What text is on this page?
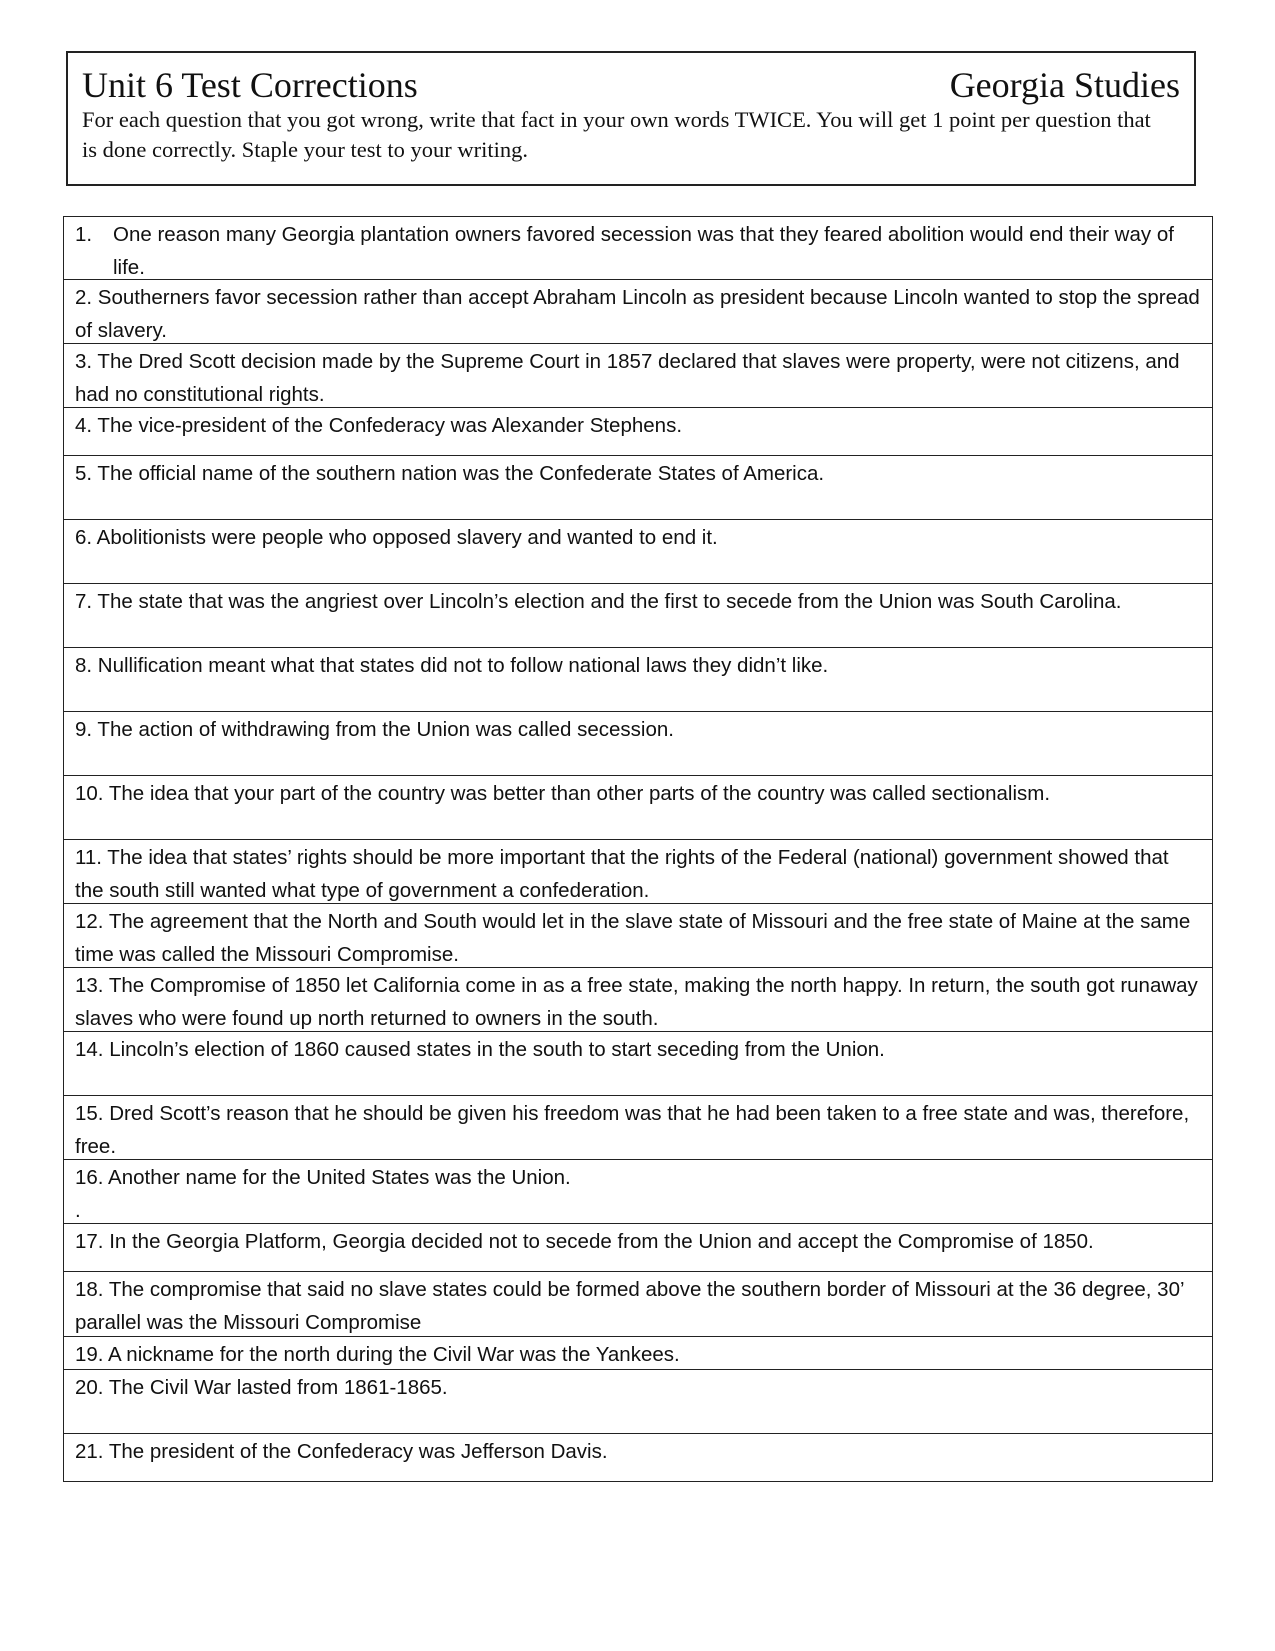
Unit 6 Test Corrections	Georgia Studies
For each question that you got wrong, write that fact in your own words TWICE. You will get 1 point per question that is done correctly. Staple your test to your writing.
1.	One reason many Georgia plantation owners favored secession was that they feared abolition would end their way of life.
2. Southerners favor secession rather than accept Abraham Lincoln as president because Lincoln wanted to stop the spread of slavery.
3. The Dred Scott decision made by the Supreme Court in 1857 declared that slaves were property, were not citizens, and had no constitutional rights.
4. The vice-president of the Confederacy was Alexander Stephens.
5. The official name of the southern nation was the Confederate States of America.
6. Abolitionists were people who opposed slavery and wanted to end it.
7. The state that was the angriest over Lincoln’s election and the first to secede from the Union was South Carolina.
8. Nullification meant what that states did not to follow national laws they didn’t like.
9. The action of withdrawing from the Union was called secession.
10. The idea that your part of the country was better than other parts of the country was called sectionalism.
11. The idea that states’ rights should be more important that the rights of the Federal (national) government showed that the south still wanted what type of government a confederation.
12. The agreement that the North and South would let in the slave state of Missouri and the free state of Maine at the same time was called the Missouri Compromise.
13. The Compromise of 1850 let California come in as a free state, making the north happy. In return, the south got runaway slaves who were found up north returned to owners in the south.
14. Lincoln’s election of 1860 caused states in the south to start seceding from the Union.
15. Dred Scott’s reason that he should be given his freedom was that he had been taken to a free state and was, therefore, free.
16. Another name for the United States was the Union.
.
17. In the Georgia Platform, Georgia decided not to secede from the Union and accept the Compromise of 1850.
18. The compromise that said no slave states could be formed above the southern border of Missouri at the 36 degree, 30’ parallel was the Missouri Compromise
19. A nickname for the north during the Civil War was the Yankees.
20. The Civil War lasted from 1861-1865.
21. The president of the Confederacy was Jefferson Davis.
